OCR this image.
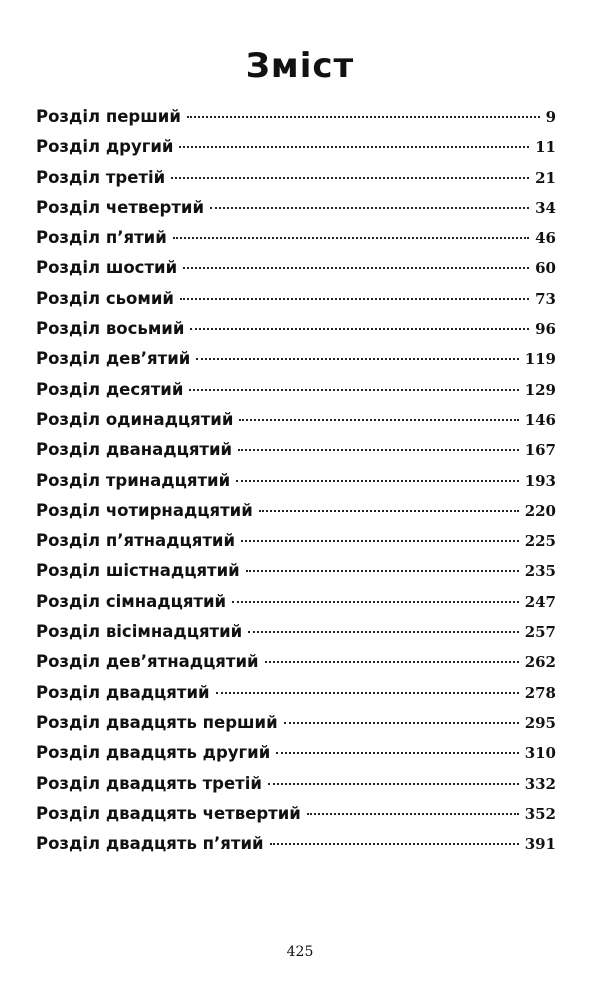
Зміст
Розділ перший	9
Розділ другий	11
Розділ третій	21
Розділ четвертий	34
Розділ п’ятий	46
Розділ шостий	60
Розділ сьомий	73
Розділ восьмий	96
Розділ дев’ятий	119
Розділ десятий	129
Розділ одинадцятий	146
Розділ дванадцятий	167
Розділ тринадцятий	193
Розділ чотирнадцятий	220
Розділ п’ятнадцятий	225
Розділ шістнадцятий	235
Розділ сімнадцятий	247
Розділ вісімнадцятий	257
Розділ дев’ятнадцятий	262
Розділ двадцятий	278
Розділ двадцять перший	295
Розділ двадцять другий	310
Розділ двадцять третій	332
Розділ двадцять четвертий	352
Розділ двадцять п’ятий	391
425
